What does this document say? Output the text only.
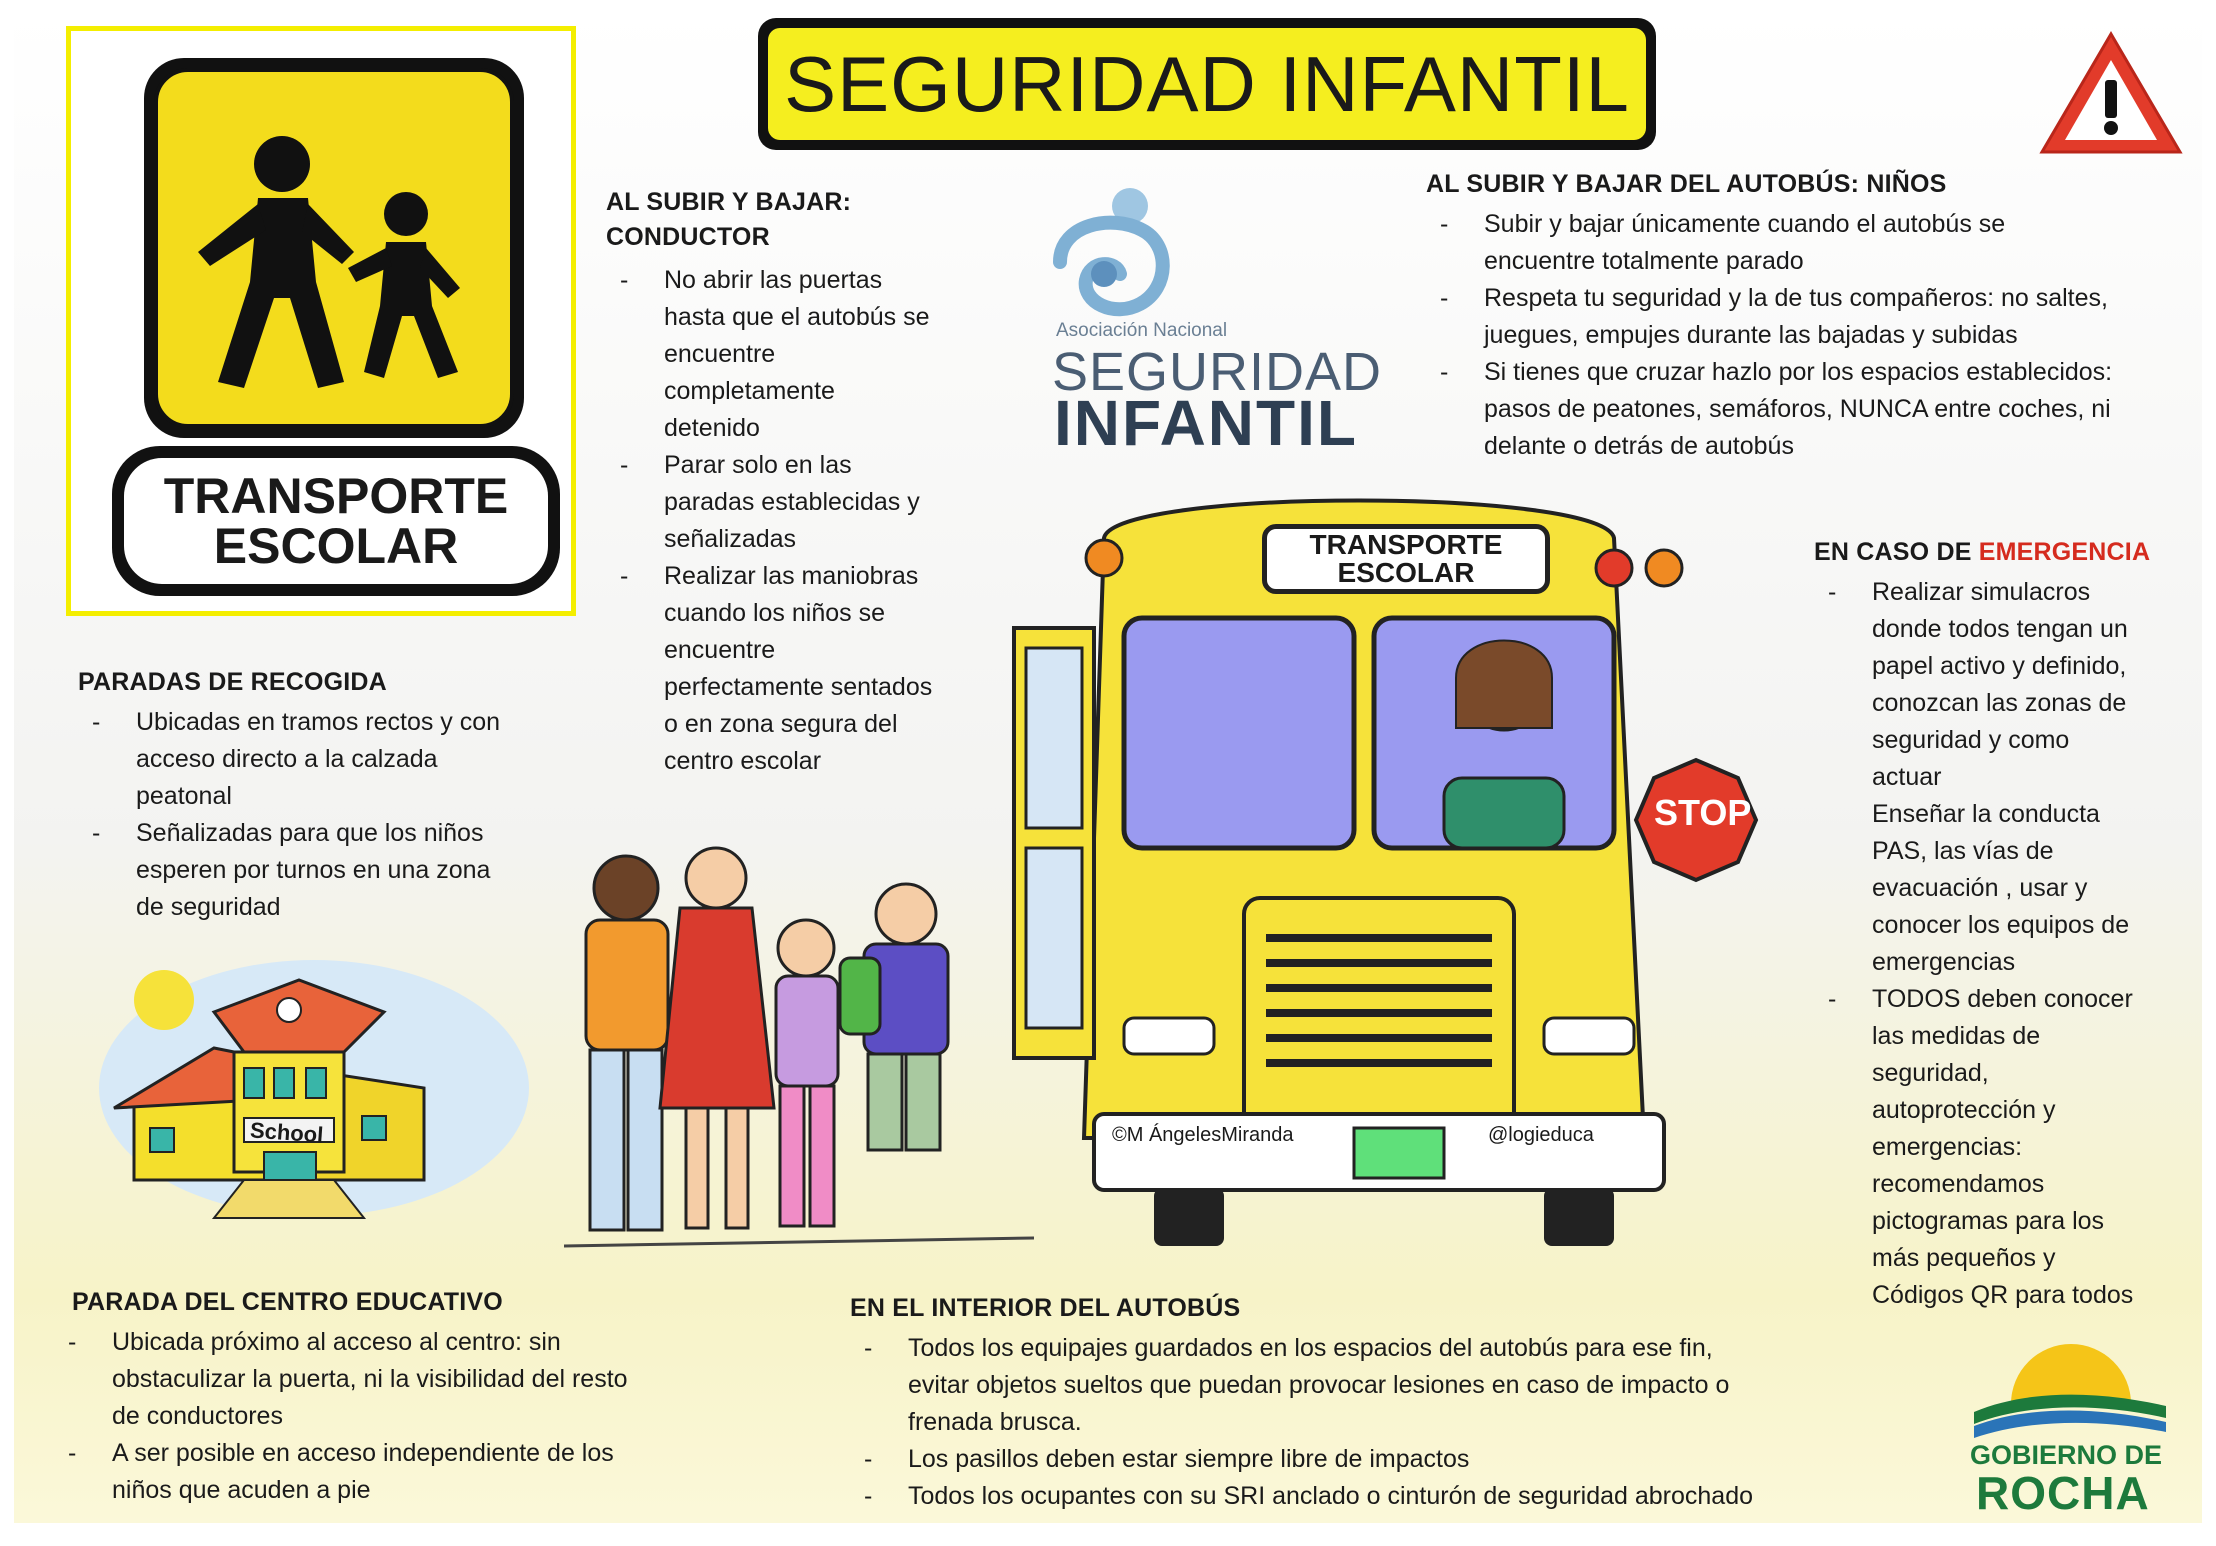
TRANSPORTE
ESCOLAR
SEGURIDAD INFANTIL
Asociación Nacional
SEGURIDAD
INFANTIL
AL SUBIR Y BAJAR:
CONDUCTOR
- No abrir las puertas
hasta que el autobús se
encuentre
completamente
detenido
- Parar solo en las
paradas establecidas y
señalizadas
- Realizar las maniobras
cuando los niños se
encuentre
perfectamente sentados
o en zona segura del
centro escolar
AL SUBIR Y BAJAR DEL AUTOBÚS: NIÑOS
- Subir y bajar únicamente cuando el autobús se
encuentre totalmente parado
- Respeta tu seguridad y la de tus compañeros: no saltes,
juegues, empujes durante las bajadas y subidas
- Si tienes que cruzar hazlo por los espacios establecidos:
pasos de peatones, semáforos, NUNCA entre coches, ni
delante o detrás de autobús
EN CASO DE EMERGENCIA
- Realizar simulacros
donde todos tengan un
papel activo y definido,
conozcan las zonas de
seguridad y como
actuar
Enseñar la conducta
PAS, las vías de
evacuación , usar y
conocer los equipos de
emergencias
- TODOS deben conocer
las medidas de
seguridad,
autoprotección y
emergencias:
recomendamos
pictogramas para los
más pequeños y
Códigos QR para todos
PARADAS DE RECOGIDA
- Ubicadas en tramos rectos y con
acceso directo a la calzada
peatonal
- Señalizadas para que los niños
esperen por turnos en una zona
de seguridad
School
TRANSPORTE
ESCOLAR
STOP
©M ÁngelesMiranda	@logieduca
PARADA DEL CENTRO EDUCATIVO
- Ubicada próximo al acceso al centro: sin
obstaculizar la puerta, ni la visibilidad del resto
de conductores
- A ser posible en acceso independiente de los
niños que acuden a pie
EN EL INTERIOR DEL AUTOBÚS
- Todos los equipajes guardados en los espacios del autobús para ese fin,
evitar objetos sueltos que puedan provocar lesiones en caso de impacto o
frenada brusca.
- Los pasillos deben estar siempre libre de impactos
- Todos los ocupantes con su SRI anclado o cinturón de seguridad abrochado
GOBIERNO DE
ROCHA
